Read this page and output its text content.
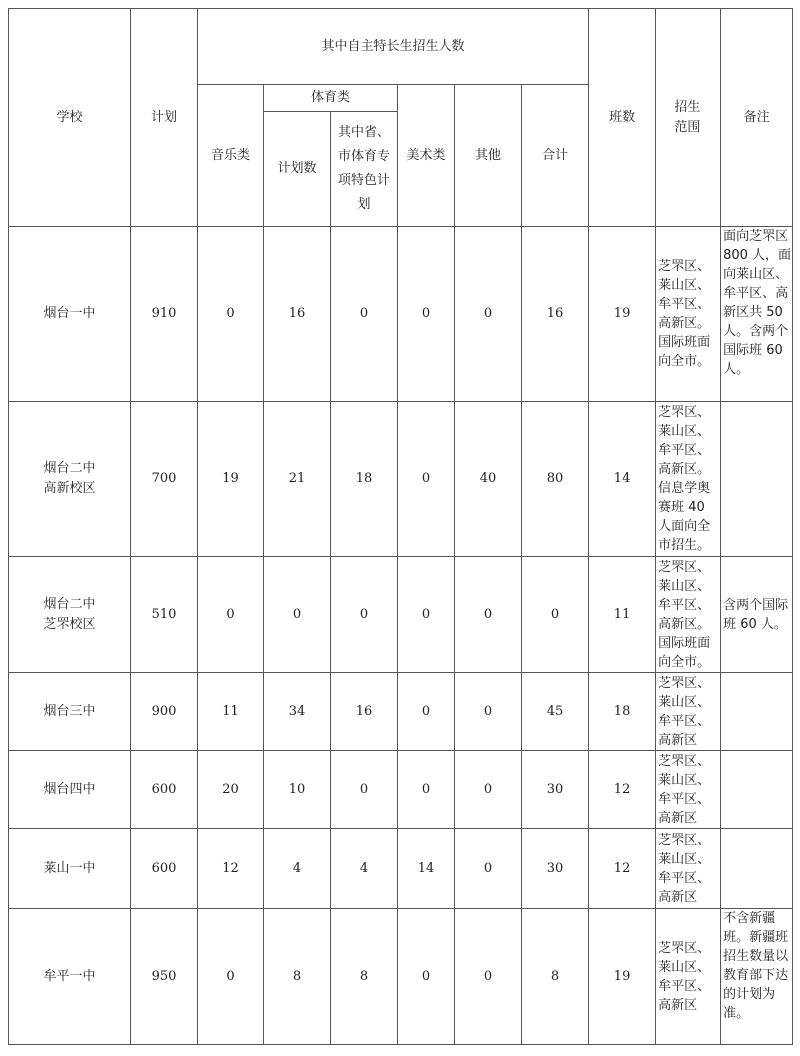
学校	计划	其中自主特长生招生人数						班数	招生范围	备注
		音乐类	体育类		美术类	其他	合计			
			计划数	其中省、市体育专项特色计划						

烟台一中	910	0	16	0	0	0	16	19	芝罘区、莱山区、牟平区、高新区。国际班面向全市。	面向芝罘区 800 人，面向莱山区、牟平区、高新区共 50 人。含两个国际班 60 人。

烟台二中高新校区	700	19	21	18	0	40	80	14	芝罘区、莱山区、牟平区、高新区。信息学奥赛班 40 人面向全市招生。	

烟台二中芝罘校区	510	0	0	0	0	0	0	11	芝罘区、莱山区、牟平区、高新区。国际班面向全市。	含两个国际班 60 人。

烟台三中	900	11	34	16	0	0	45	18	芝罘区、莱山区、牟平区、高新区	

烟台四中	600	20	10	0	0	0	30	12	芝罘区、莱山区、牟平区、高新区	

莱山一中	600	12	4	4	14	0	30	12	芝罘区、莱山区、牟平区、高新区	

牟平一中	950	0	8	8	0	0	8	19	芝罘区、莱山区、牟平区、高新区	不含新疆班。新疆班招生数量以教育部下达的计划为准。
